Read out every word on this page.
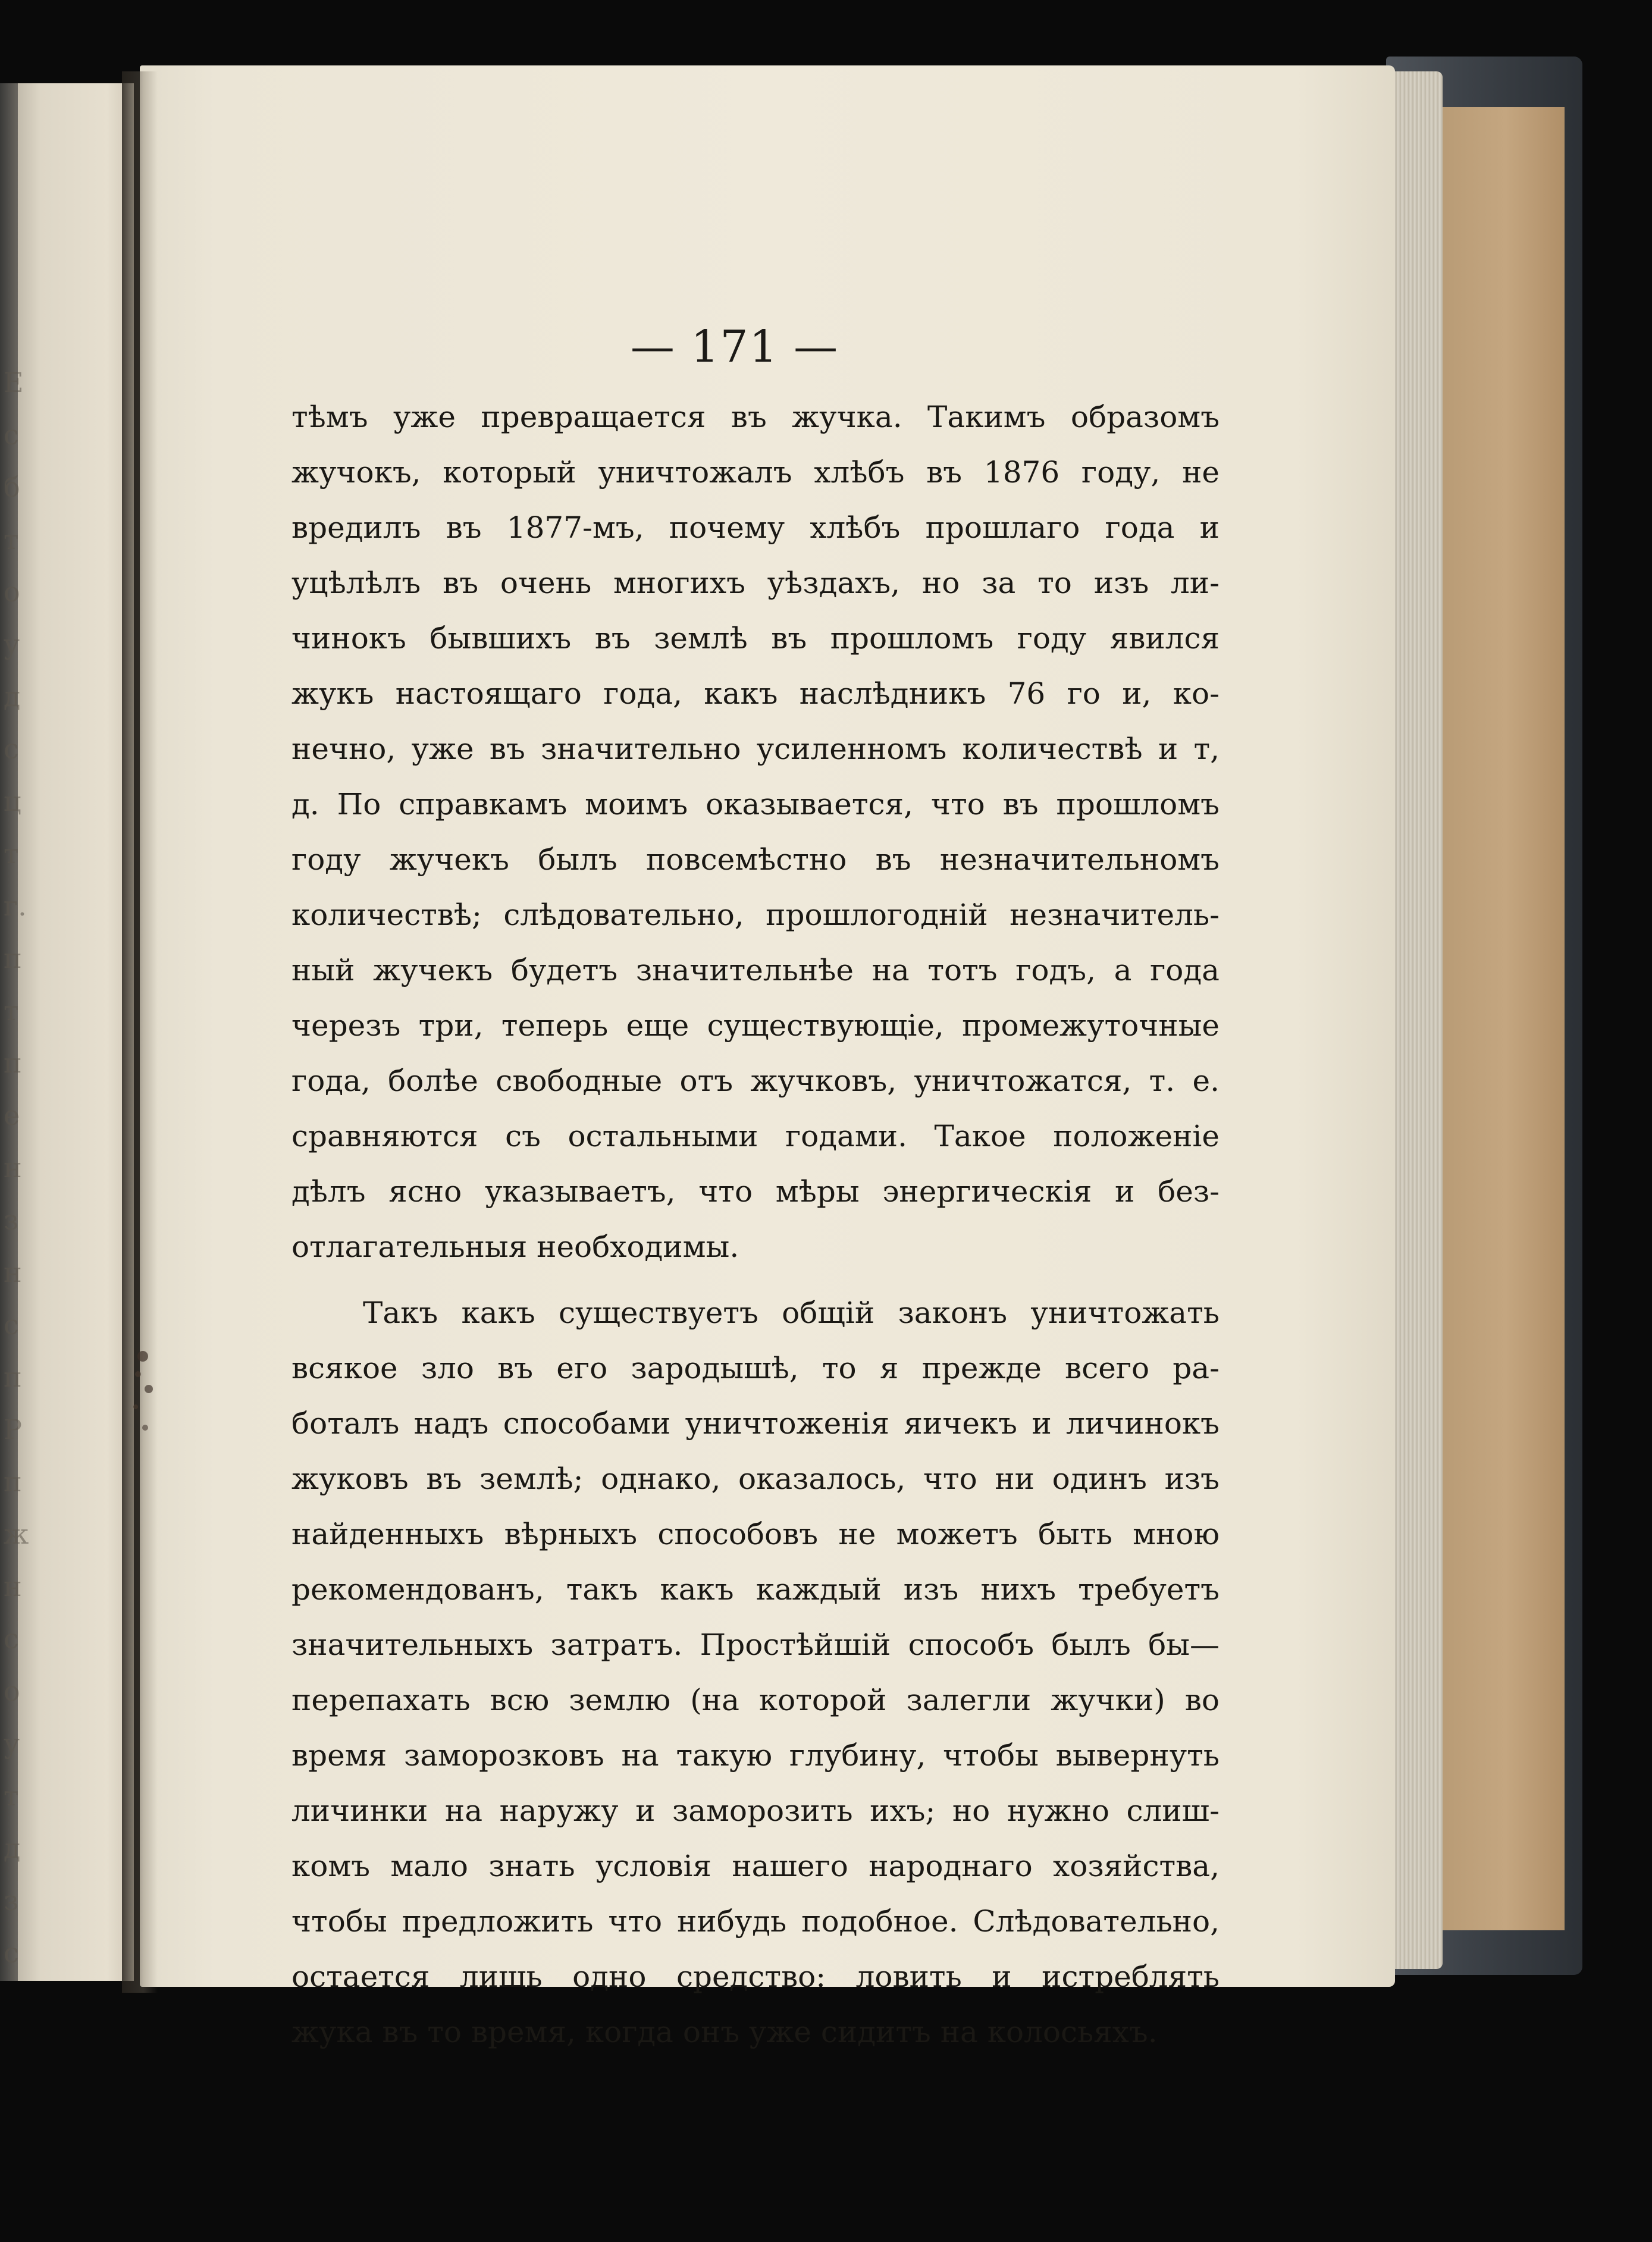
Е
с
б
т
о
у
д
с
ц
т
г.
п
т
п
е
н
з
н
с
п
Р
п
ж
н
с
о
у
т
д
з
с
— 171 —
тѣмъ уже превращается въ жучка. Такимъ образомъ
жучокъ, который уничтожалъ хлѣбъ въ 1876 году, не
вредилъ въ 1877-мъ, почему хлѣбъ прошлаго года и
уцѣлѣлъ въ очень многихъ уѣздахъ, но за то изъ ли-
чинокъ бывшихъ въ землѣ въ прошломъ году явился
жукъ настоящаго года, какъ наслѣдникъ 76 го и, ко-
нечно, уже въ значительно усиленномъ количествѣ и т,
д. По справкамъ моимъ оказывается, что въ прошломъ
году жучекъ былъ повсемѣстно въ незначительномъ
количествѣ; слѣдовательно, прошлогодній незначитель-
ный жучекъ будетъ значительнѣе на тотъ годъ, а года
черезъ три, теперь еще существующіе, промежуточные
года, болѣе свободные отъ жучковъ, уничтожатся, т. е.
сравняются съ остальными годами. Такое положеніе
дѣлъ ясно указываетъ, что мѣры энергическія и без-
отлагательныя необходимы.
Такъ какъ существуетъ общій законъ уничтожать
всякое зло въ его зародышѣ, то я прежде всего ра-
боталъ надъ способами уничтоженія яичекъ и личинокъ
жуковъ въ землѣ; однако, оказалось, что ни одинъ изъ
найденныхъ вѣрныхъ способовъ не можетъ быть мною
рекомендованъ, такъ какъ каждый изъ нихъ требуетъ
значительныхъ затратъ. Простѣйшій способъ былъ бы—
перепахать всю землю (на которой залегли жучки) во
время заморозковъ на такую глубину, чтобы вывернуть
личинки на наружу и заморозить ихъ; но нужно слиш-
комъ мало знать условія нашего народнаго хозяйства,
чтобы предложить что нибудь подобное. Слѣдовательно,
остается лишь одно средство: ловить и истреблять
жука въ то время, когда онъ уже сидитъ на колосьяхъ.
